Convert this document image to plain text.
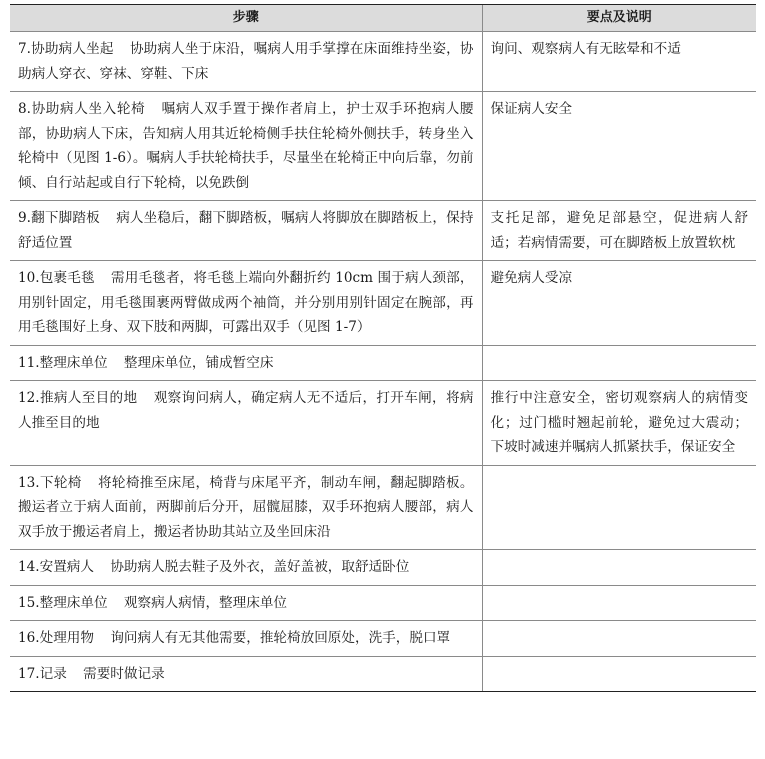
步骤	要点及说明
7.协助病人坐起 协助病人坐于床沿，嘱病人用手掌撑在床面维持坐姿，协助病人穿衣、穿袜、穿鞋、下床	询问、观察病人有无眩晕和不适
8.协助病人坐入轮椅 嘱病人双手置于操作者肩上，护士双手环抱病人腰部，协助病人下床，告知病人用其近轮椅侧手扶住轮椅外侧扶手，转身坐入轮椅中（见图 1-6）。嘱病人手扶轮椅扶手，尽量坐在轮椅正中向后靠，勿前倾、自行站起或自行下轮椅，以免跌倒	保证病人安全
9.翻下脚踏板 病人坐稳后，翻下脚踏板，嘱病人将脚放在脚踏板上，保持舒适位置	支托足部，避免足部悬空，促进病人舒适；若病情需要，可在脚踏板上放置软枕
10.包裹毛毯 需用毛毯者，将毛毯上端向外翻折约 10cm 围于病人颈部，用别针固定，用毛毯围裹两臂做成两个袖筒，并分别用别针固定在腕部，再用毛毯围好上身、双下肢和两脚，可露出双手（见图 1-7）	避免病人受凉
11.整理床单位 整理床单位，铺成暂空床	
12.推病人至目的地 观察询问病人，确定病人无不适后，打开车闸，将病人推至目的地	推行中注意安全，密切观察病人的病情变化；过门槛时翘起前轮，避免过大震动；下坡时减速并嘱病人抓紧扶手，保证安全
13.下轮椅 将轮椅推至床尾，椅背与床尾平齐，制动车闸，翻起脚踏板。搬运者立于病人面前，两脚前后分开，屈髋屈膝，双手环抱病人腰部，病人双手放于搬运者肩上，搬运者协助其站立及坐回床沿	
14.安置病人 协助病人脱去鞋子及外衣，盖好盖被，取舒适卧位	
15.整理床单位 观察病人病情，整理床单位	
16.处理用物 询问病人有无其他需要，推轮椅放回原处，洗手，脱口罩	
17.记录 需要时做记录	
